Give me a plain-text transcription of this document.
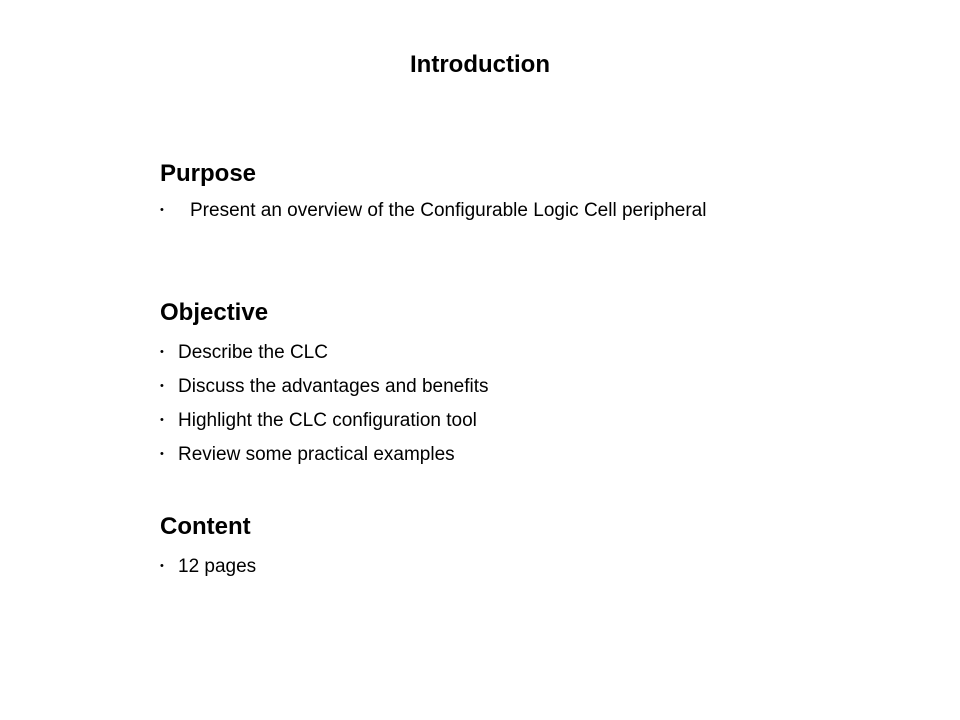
Introduction
Purpose
•	Present an overview of the Configurable Logic Cell peripheral
Objective
• Describe the CLC
• Discuss the advantages and benefits
• Highlight the CLC configuration tool
• Review some practical examples
Content
• 12 pages
